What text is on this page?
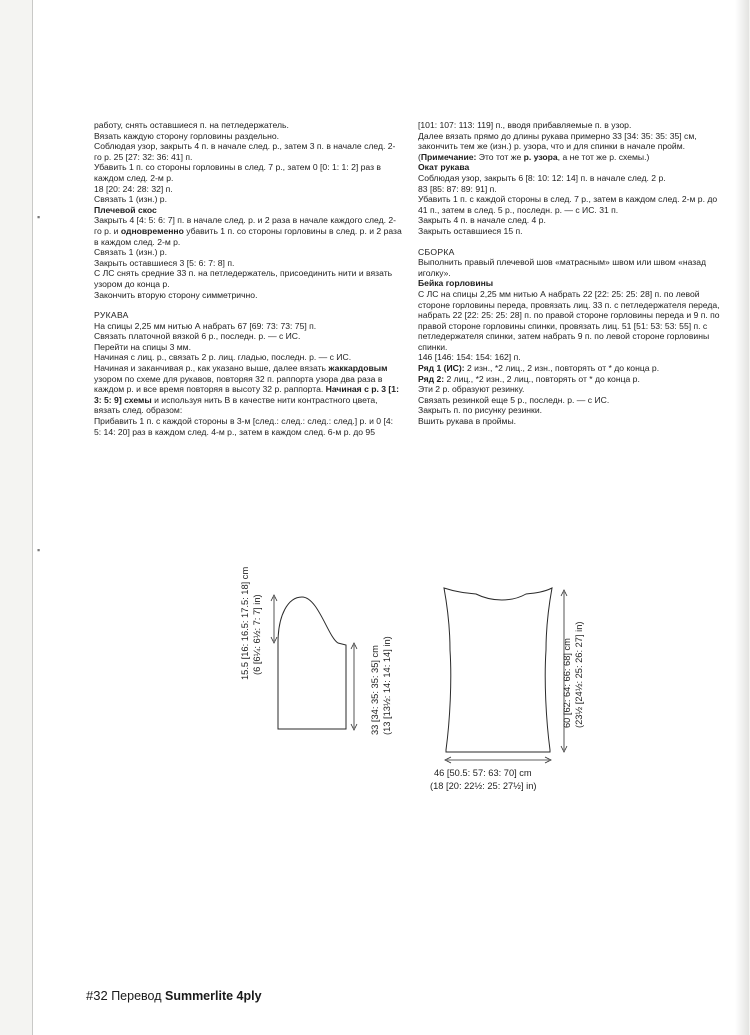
работу, снять оставшиеся п. на петледержатель.

Вязать каждую сторону горловины раздельно.

Соблюдая узор, закрыть 4 п. в начале след. р., затем 3 п. в начале след. 2-го р. 25 [27: 32: 36: 41] п.

Убавить 1 п. со стороны горловины в след. 7 р., затем 0 [0: 1: 1: 2] раз в каждом след. 2-м р.

18 [20: 24: 28: 32] п.

Связать 1 (изн.) р.

Плечевой скос

Закрыть 4 [4: 5: 6: 7] п. в начале след. р. и 2 раза в начале каждого след. 2-го р. и одновременно убавить 1 п. со стороны горловины в след. р. и 2 раза в каждом след. 2-м р.

Связать 1 (изн.) р.

Закрыть оставшиеся 3 [5: 6: 7: 8] п.

С ЛС снять средние 33 п. на петледержатель, присоединить нити и вязать узором до конца р.

Закончить вторую сторону симметрично.

РУКАВА

На спицы 2,25 мм нитью А набрать 67 [69: 73: 73: 75] п.

Связать платочной вязкой 6 р., последн. р. — с ИС.

Перейти на спицы 3 мм.

Начиная с лиц. р., связать 2 р. лиц. гладью, последн. р. — с ИС.

Начиная и заканчивая р., как указано выше, далее вязать жаккардовым узором по схеме для рукавов, повторяя 32 п. раппорта узора два раза в каждом р. и все время повторяя в высоту 32 р. раппорта. Начиная с р. 3 [1: 3: 5: 9] схемы и используя нить В в качестве нити контрастного цвета, вязать след. образом:

Прибавить 1 п. с каждой стороны в 3-м [след.: след.: след.: след.] р. и 0 [4: 5: 14: 20] раз в каждом след. 4-м р., затем в каждом след. 6-м р. до 95

[101: 107: 113: 119] п., вводя прибавляемые п. в узор.

Далее вязать прямо до длины рукава примерно 33 [34: 35: 35: 35] см, закончить тем же (изн.) р. узора, что и для спинки в начале пройм. (Примечание: Это тот же р. узора, а не тот же р. схемы.)

Окат рукава

Соблюдая узор, закрыть 6 [8: 10: 12: 14] п. в начале след. 2 р.

83 [85: 87: 89: 91] п.

Убавить 1 п. с каждой стороны в след. 7 р., затем в каждом след. 2-м р. до 41 п., затем в след. 5 р., последн. р. — с ИС. 31 п.

Закрыть 4 п. в начале след. 4 р.

Закрыть оставшиеся 15 п.

СБОРКА

Выполнить правый плечевой шов «матрасным» швом или швом «назад иголку».

Бейка горловины

С ЛС на спицы 2,25 мм нитью А набрать 22 [22: 25: 25: 28] п. по левой стороне горловины переда, провязать лиц. 33 п. с петледержателя переда, набрать 22 [22: 25: 25: 28] п. по правой стороне горловины переда и 9 п. по правой стороне горловины спинки, провязать лиц. 51 [51: 53: 53: 55] п. с петледержателя спинки, затем набрать 9 п. по левой стороне горловины спинки.

146 [146: 154: 154: 162] п.

Ряд 1 (ИС): 2 изн., *2 лиц., 2 изн., повторять от * до конца р.

Ряд 2: 2 лиц., *2 изн., 2 лиц., повторять от * до конца р.

Эти 2 р. образуют резинку.

Связать резинкой еще 5 р., последн. р. — с ИС.

Закрыть п. по рисунку резинки.

Вшить рукава в проймы.

15.5 [16: 16.5: 17.5: 18] cm (6 [6¼: 6½: 7: 7] in)
33 [34: 35: 35: 35] cm (13 [13½: 14: 14: 14] in)	60 [62: 64: 66: 68] cm (23½ [24½: 25: 26: 27] in)
46 [50.5: 57: 63: 70] cm
(18 [20: 22½: 25: 27½] in)
▪
▪
#32 Перевод Summerlite 4ply
